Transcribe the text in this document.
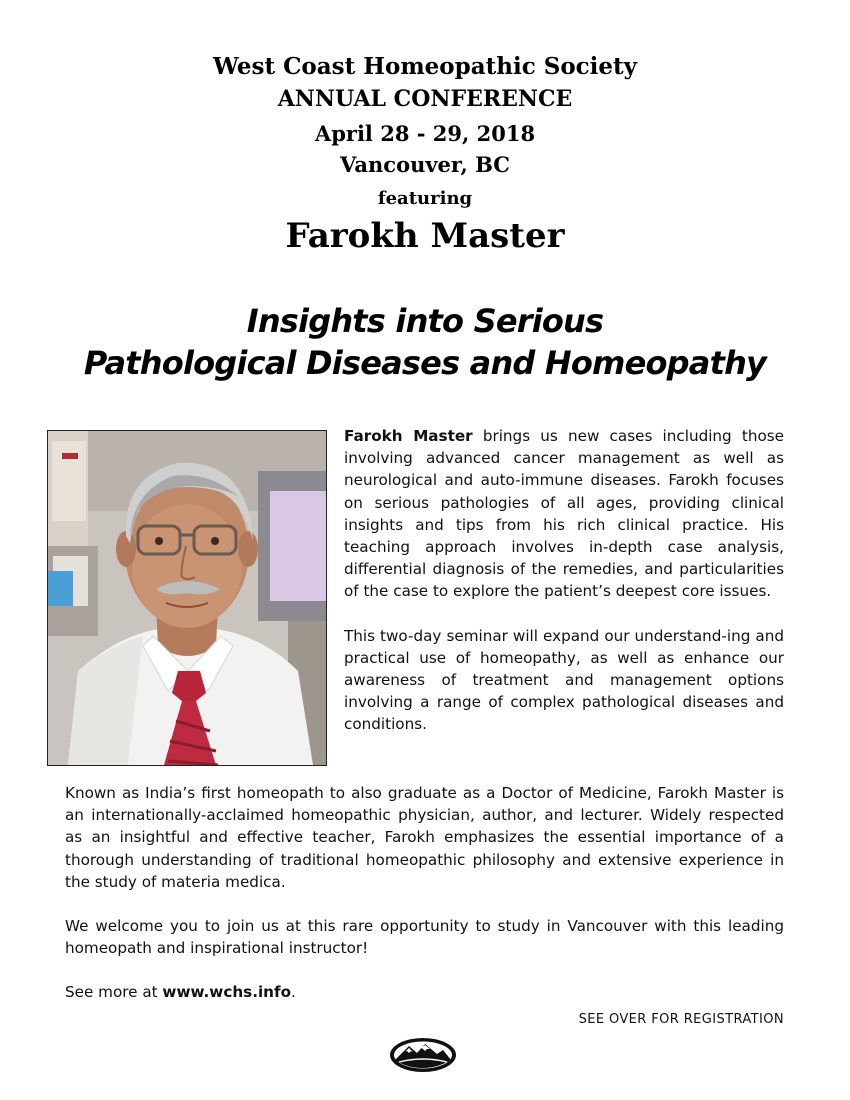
West Coast Homeopathic Society
ANNUAL CONFERENCE
April 28 - 29, 2018
Vancouver, BC
featuring
Farokh Master
Insights into Serious
Pathological Diseases and Homeopathy

Farokh Master brings us new cases including those involving advanced cancer management as well as neurological and auto-immune diseases. Farokh focuses on serious pathologies of all ages, providing clinical insights and tips from his rich clinical practice. His teaching approach involves in-depth case analysis, differential diagnosis of the remedies, and particularities of the case to explore the patient’s deepest core issues.

This two-day seminar will expand our understand-ing and practical use of homeopathy, as well as enhance our awareness of treatment and management options involving a range of complex pathological diseases and conditions.

Known as India’s first homeopath to also graduate as a Doctor of Medicine, Farokh Master is an internationally-acclaimed homeopathic physician, author, and lecturer. Widely respected as an insightful and effective teacher, Farokh emphasizes the essential importance of a thorough understanding of traditional homeopathic philosophy and extensive experience in the study of materia medica.

We welcome you to join us at this rare opportunity to study in Vancouver with this leading homeopath and inspirational instructor!

See more at www.wchs.info.

SEE OVER FOR REGISTRATION
